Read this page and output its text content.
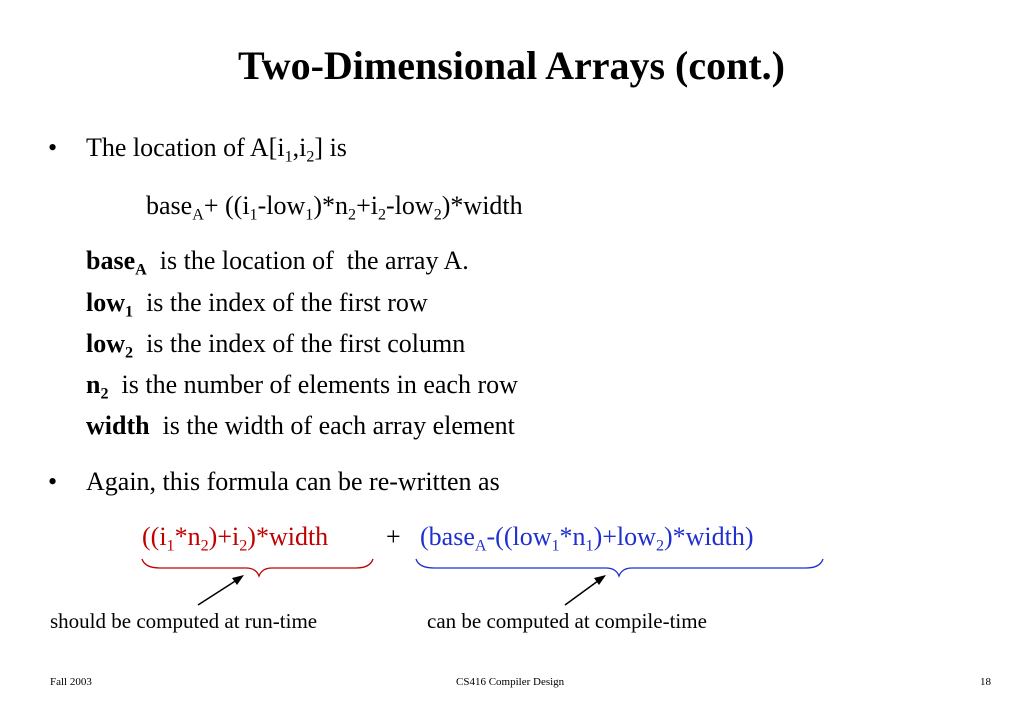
Two-Dimensional Arrays (cont.)
• The location of $A[i_1,i_2]$ is
base$_A$+ $((i_1-low_1)*n_2+i_2-low_2)*width$
base$_A$  is the location of  the array A.
low$_1$  is the index of the first row
low$_2$  is the index of the first column
$n_2$  is the number of elements in each row
width  is the width of each array element
• Again, this formula can be re-written as
$((i_1*n_2)+i_2)*width$ + $(base_A-((low_1*n_1)+low_2)*width)$
should be computed at run-time	can be computed at compile-time
Fall 2003	CS416 Compiler Design	18
